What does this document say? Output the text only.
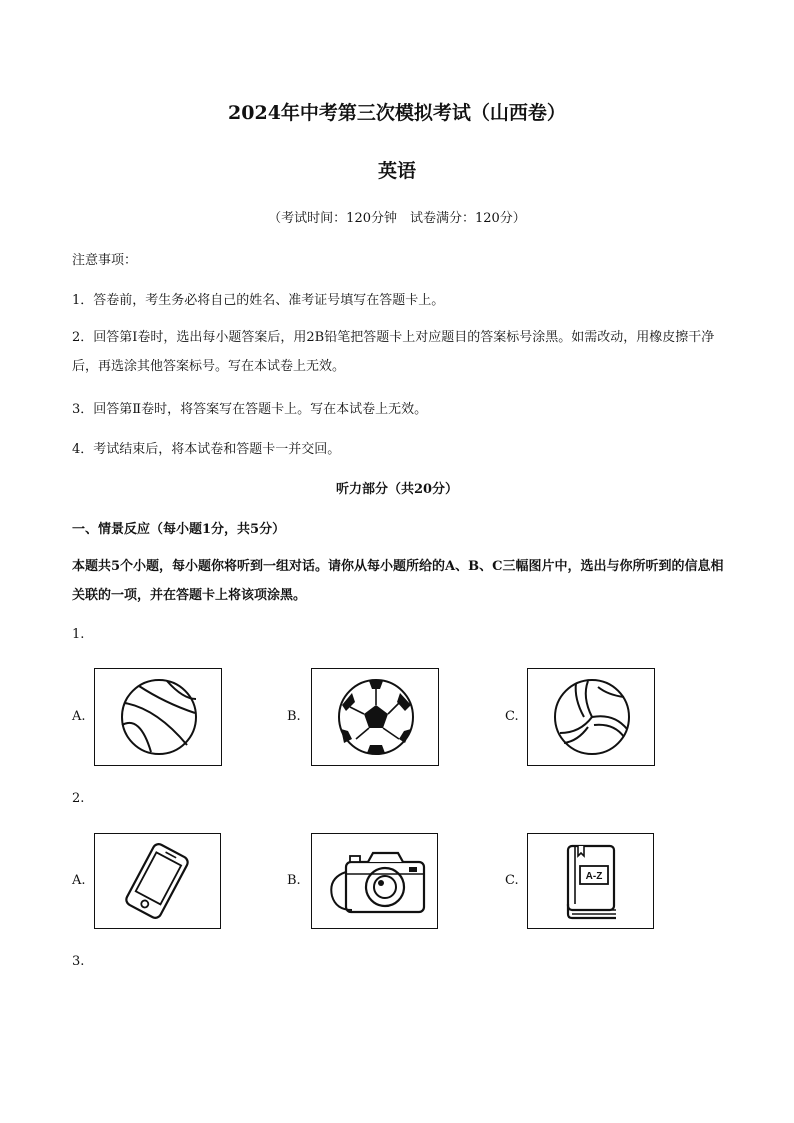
2024年中考第三次模拟考试（山西卷）
英语
（考试时间：120分钟　试卷满分：120分）
注意事项：
1．答卷前，考生务必将自己的姓名、准考证号填写在答题卡上。
2．回答第Ⅰ卷时，选出每小题答案后，用2B铅笔把答题卡上对应题目的答案标号涂黑。如需改动，用橡皮擦干净后，再选涂其他答案标号。写在本试卷上无效。
3．回答第Ⅱ卷时，将答案写在答题卡上。写在本试卷上无效。
4．考试结束后，将本试卷和答题卡一并交回。
听力部分（共20分）
一、情景反应（每小题1分，共5分）
本题共5个小题，每小题你将听到一组对话。请你从每小题所给的A、B、C三幅图片中，选出与你所听到的信息相关联的一项，并在答题卡上将该项涂黑。
1.
A.	B.	C.
2.
A.	B.	C.	A-Z
3.
